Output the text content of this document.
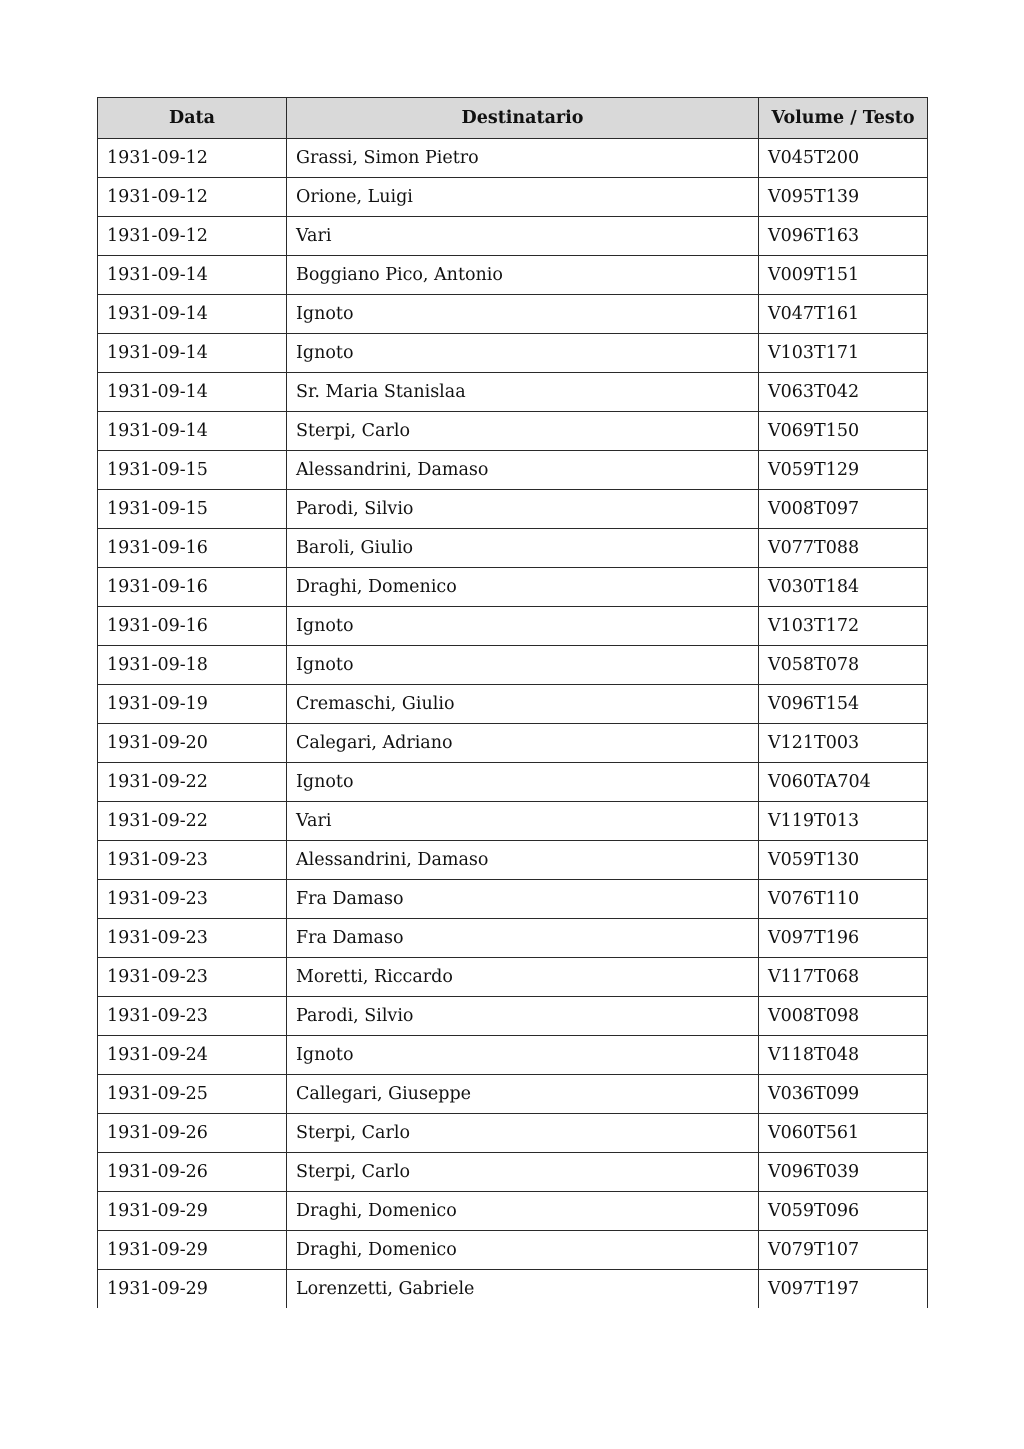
Data	Destinatario	Volume / Testo
1931-09-12	Grassi, Simon Pietro	V045T200
1931-09-12	Orione, Luigi	V095T139
1931-09-12	Vari	V096T163
1931-09-14	Boggiano Pico, Antonio	V009T151
1931-09-14	Ignoto	V047T161
1931-09-14	Ignoto	V103T171
1931-09-14	Sr. Maria Stanislaa	V063T042
1931-09-14	Sterpi, Carlo	V069T150
1931-09-15	Alessandrini, Damaso	V059T129
1931-09-15	Parodi, Silvio	V008T097
1931-09-16	Baroli, Giulio	V077T088
1931-09-16	Draghi, Domenico	V030T184
1931-09-16	Ignoto	V103T172
1931-09-18	Ignoto	V058T078
1931-09-19	Cremaschi, Giulio	V096T154
1931-09-20	Calegari, Adriano	V121T003
1931-09-22	Ignoto	V060TA704
1931-09-22	Vari	V119T013
1931-09-23	Alessandrini, Damaso	V059T130
1931-09-23	Fra Damaso	V076T110
1931-09-23	Fra Damaso	V097T196
1931-09-23	Moretti, Riccardo	V117T068
1931-09-23	Parodi, Silvio	V008T098
1931-09-24	Ignoto	V118T048
1931-09-25	Callegari, Giuseppe	V036T099
1931-09-26	Sterpi, Carlo	V060T561
1931-09-26	Sterpi, Carlo	V096T039
1931-09-29	Draghi, Domenico	V059T096
1931-09-29	Draghi, Domenico	V079T107
1931-09-29	Lorenzetti, Gabriele	V097T197
